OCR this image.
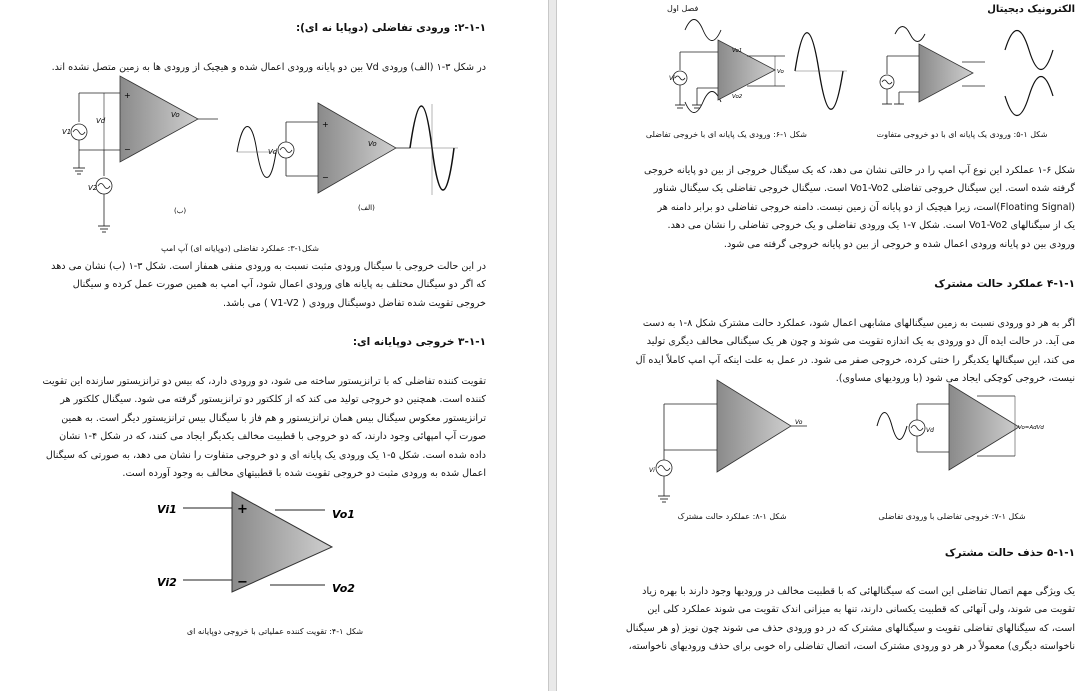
۲-۱-۱: ورودی تفاضلی (دوپایا نه ای):
در شکل ۳-۱ (الف) ورودی Vd بین دو پایانه ورودی اعمال شده و هیچیک از ورودی ها به زمین متصل نشده اند.
V1
V2
Vd
Vo
+
−
(ب)
Vd
Vo
+
−
(الف)
Vi1
Vi2
Vo1
Vo2
+
−
شکل۱-۳: عملکرد تفاضلی (دوپایانه ای) آپ امپ
در این حالت خروجی با سیگنال ورودی مثبت نسبت به ورودی منفی همفاز است. شکل ۳-۱ (ب) نشان می دهد
که اگر دو سیگنال مختلف به پایانه های ورودی اعمال شود، آپ امپ به همین صورت عمل کرده و سیگنال
خروجی تقویت شده تفاضل دوسیگنال ورودی ( V1-V2 ) می باشد.
۳-۱-۱ خروجی دوپایانه ای:
تقویت کننده تفاضلی که با ترانزیستور ساخته می شود، دو ورودی دارد، که بیس دو ترانزیستور سازنده این تقویت
کننده است. همچنین دو خروجی تولید می کند که از کلکتور دو ترانزیستور گرفته می شود. سیگنال کلکتور هر
ترانزیستور معکوس سیگنال بیس همان ترانزیستور و هم فاز با سیگنال بیس ترانزیستور دیگر است. به همین
صورت آپ امپهائی وجود دارند، که دو خروجی با قطبیت مخالف یکدیگر ایجاد می کنند، که در شکل ۴-۱ نشان
داده شده است. شکل ۵-۱ یک ورودی یک پایانه ای و دو خروجی متفاوت را نشان می دهد، به صورتی که سیگنال
اعمال شده به ورودی مثبت دو خروجی تقویت شده با قطبیتهای مخالف به وجود آورده است.
شکل ۱-۴: تقویت کننده عملیاتی با خروجی دوپایانه ای
الکترونیک دیجیتال
فصل اول
Vi
Vo1
Vo2
Vo
Vi
Vo
Vd	Vo=AdVd
شکل ۱-۶: ورودی یک پایانه ای با خروجی تفاضلی	شکل ۱-۵: ورودی یک پایانه ای با دو خروجی متفاوت
شکل ۶-۱ عملکرد این نوع آپ امپ را در حالتی نشان می دهد، که یک سیگنال خروجی از بین دو پایانه خروجی
گرفته شده است. این سیگنال خروجی تفاضلی Vo1-Vo2 است. سیگنال خروجی تفاضلی یک سیگنال شناور
(Floating Signal)است، زیرا هیچیک از دو پایانه آن زمین نیست. دامنه خروجی تفاضلی دو برابر دامنه هر
یک از سیگنالهای Vo1-Vo2 است. شکل ۷-۱ یک ورودی تفاضلی و یک خروجی تفاضلی را نشان می دهد.
ورودی بین دو پایانه ورودی اعمال شده و خروجی از بین دو پایانه خروجی گرفته می شود.
۴-۱-۱ عملکرد حالت مشترک
اگر به هر دو ورودی نسبت به زمین سیگنالهای مشابهی اعمال شود، عملکرد حالت مشترک شکل ۸-۱ به دست
می آید. در حالت ایده آل دو ورودی به یک اندازه تقویت می شوند و چون هر یک سیگنالی مخالف دیگری تولید
می کند، این سیگنالها یکدیگر را خنثی کرده، خروجی صفر می شود. در عمل به علت اینکه آپ امپ کاملاً ایده آل
نیست، خروجی کوچکی ایجاد می شود (با ورودیهای مساوی).
شکل ۱-۸: عملکرد حالت مشترک	شکل ۱-۷: خروجی تفاضلی با ورودی تفاضلی
۵-۱-۱ حذف حالت مشترک
یک ویژگی مهم اتصال تفاضلی این است که سیگنالهائی که با قطبیت مخالف در ورودیها وجود دارند با بهره زیاد
تقویت می شوند، ولی آنهائی که قطبیت یکسانی دارند، تنها به میزانی اندک تقویت می شوند عملکرد کلی این
است، که سیگنالهای تفاضلی تقویت و سیگنالهای مشترک که در دو ورودی حذف می شوند چون نویز (و هر سیگنال
ناخواسته دیگری) معمولاً در هر دو ورودی مشترک است، اتصال تفاضلی راه خوبی برای حذف ورودیهای ناخواسته،
